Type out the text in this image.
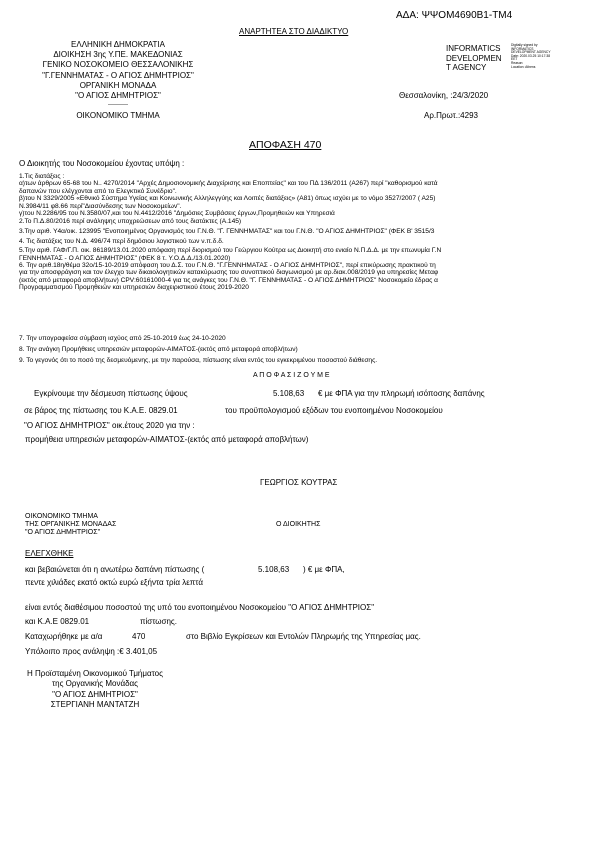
ΑΔΑ: ΨΨΟΜ4690Β1-ΤΜ4
ΑΝΑΡΤΗΤΕΑ ΣΤΟ ΔΙΑΔΙΚΤΥΟ
ΕΛΛΗΝΙΚΗ ΔΗΜΟΚΡΑΤΙΑ
ΔΙΟΙΚΗΣΗ 3ης Υ.ΠΕ. ΜΑΚΕΔΟΝΙΑΣ
ΓΕΝΙΚΟ ΝΟΣΟΚΟΜΕΙΟ ΘΕΣΣΑΛΟΝΙΚΗΣ
"Γ.ΓΕΝΝΗΜΑΤΑΣ - Ο ΑΓΙΟΣ ΔΗΜΗΤΡΙΟΣ"
ΟΡΓΑΝΙΚΗ ΜΟΝΑΔΑ
"Ο ΑΓΙΟΣ ΔΗΜΗΤΡΙΟΣ"
----------
ΟΙΚΟΝΟΜΙΚΟ ΤΜΗΜΑ
INFORMATICS
DEVELOPMEN
T AGENCY
Digitally signed by
INFORMATICS
DEVELOPMENT AGENCY
Date: 2020.03.25 10:17:38
EET
Reason:
Location: Athens
Θεσσαλονίκη, :24/3/2020
Αρ.Πρωτ.:4293
ΑΠΟΦΑΣΗ 470
Ο Διοικητής του Νοσοκομείου έχοντας υπόψη :
1.Τις διατάξεις :
α)των άρθρων 65-68 του Ν.. 4270/2014 "Αρχές Δημοσιονομικής Διαχείρισης και Εποπτείας" και του ΠΔ 136/2011 (Α267) περί "καθορισμού κατά
δαπανών που ελέγχονται από το Ελεγκτικό Συνέδριο".
β)του Ν 3329/2005 «Εθνικό Σύστημα Υγείας και Κοινωνικής Αλληλεγγύης και Λοιπές διατάξεις» (Α81) όπως ισχύει με το νόμο 3527/2007 ( Α25)
Ν.3984/11 φ8.66 περί"Διασύνδεσης των Νοσοκομείων".
γ)του Ν.2286/95 του Ν.3580/07,και του Ν.4412/2016 "Δημόσιες Συμβάσεις έργων,Προμηθειών και Υπηρεσιά
2.Το Π.Δ.80/2016 περί ανάληψης υποχρεώσεων από τους διατάκτες (Α.145)
3.Την αριθ. Υ4α/οικ. 123995 "Ενοποιημένος Οργανισμός του Γ.Ν.Θ. "Γ. ΓΕΝΝΗΜΑΤΑΣ" και του Γ.Ν.Θ. "Ο ΑΓΙΟΣ ΔΗΜΗΤΡΙΟΣ" (ΦΕΚ Β' 3515/3
4. Τις διατάξεις του Ν.Δ. 496/74 περί δημόσιου λογιστικού των ν.π.δ.δ.
5.Την αριθ. ΓΑΦ/Γ.Π. οικ. 86189/13.01.2020 απόφαση περί διορισμού του Γεώργιου Κούτρα ως Διοικητή στο ενιαίο Ν.Π.Δ.Δ. με την επωνυμία Γ.Ν
ΓΕΝΝΗΜΑΤΑΣ - Ο ΑΓΙΟΣ ΔΗΜΗΤΡΙΟΣ" (ΦΕΚ 8 τ. Υ.Ο.Δ.Δ./13.01.2020)
6. Την αριθ.18η/θέμα 32ο/15-10-2019 απόφαση του Δ.Σ. του Γ.Ν.Θ. "Γ.ΓΕΝΝΗΜΑΤΑΣ - Ο ΑΓΙΟΣ ΔΗΜΗΤΡΙΟΣ", περί επικύρωσης πρακτικού τη
για την αποσφράγιση και τον έλεγχο των δικαιολογητικών κατακύρωσης του συνοπτικού διαγωνισμού με αρ.διακ.008/2019 για υπηρεσίες Μεταφ
(εκτός από μεταφορά αποβλήτων) CPV:60161000-4 για τις ανάγκες του Γ.Ν.Θ. "Γ. ΓΕΝΝΗΜΑΤΑΣ - Ο ΑΓΙΟΣ ΔΗΜΗΤΡΙΟΣ" Νοσοκομείο έδρας α
Προγραμματισμού Προμηθειών και υπηρεσιών διαχειριστικού έτους 2019-2020
7. Την υπογραφείσα σύμβαση ισχύος από 25-10-2019 έως 24-10-2020
8. Την ανάγκη Προμήθειες υπηρεσιών μεταφορών-ΑΙΜΑΤΟΣ-(εκτός από μεταφορά αποβλήτων)
9. Το γεγονός ότι το ποσό της δεσμευόμενης, με την παρούσα, πίστωσης είναι εντός του εγκεκριμένου ποσοστού διάθεσης.
Α Π Ο Φ Α Σ Ι Ζ Ο Υ Μ Ε
Εγκρίνουμε την δέσμευση πίστωσης ύψους	5.108,63 € με ΦΠΑ για την πληρωμή ισόποσης δαπάνης
σε βάρος της πίστωσης του Κ.Α.Ε. 0829.01	του προϋπολογισμού εξόδων του ενοποιημένου Νοσοκομείου
"Ο ΑΓΙΟΣ ΔΗΜΗΤΡΙΟΣ" οικ.έτους 2020 για την :
προμήθεια υπηρεσιών μεταφορών-ΑΙΜΑΤΟΣ-(εκτός από μεταφορά αποβλήτων)
ΓΕΩΡΓΙΟΣ ΚΟΥΤΡΑΣ
ΟΙΚΟΝΟΜΙΚΟ ΤΜΗΜΑ
ΤΗΣ ΟΡΓΑΝΙΚΗΣ ΜΟΝΑΔΑΣ
"Ο ΑΓΙΟΣ ΔΗΜΗΤΡΙΟΣ"
Ο ΔΙΟΙΚΗΤΗΣ
ΕΛΕΓΧΘΗΚΕ
και βεβαιώνεται ότι η ανωτέρω δαπάνη πίστωσης (	5.108,63 ) € με ΦΠΑ,
πεντε χιλιάδες εκατό οκτώ ευρώ εξήντα τρία λεπτά
είναι εντός διαθέσιμου ποσοστού της υπό του ενοποιημένου Νοσοκομείου "Ο ΑΓΙΟΣ ΔΗΜΗΤΡΙΟΣ"
και Κ.Α.Ε 0829.01	πίστωσης.
Καταχωρήθηκε με α/α	470	στο Βιβλίο Εγκρίσεων και Εντολών Πληρωμής της Υπηρεσίας μας.
Υπόλοιπο προς ανάληψη :€ 3.401,05
Η Προϊσταμένη Οικονομικού Τμήματος
της Οργανικής Μονάδας
"Ο ΑΓΙΟΣ ΔΗΜΗΤΡΙΟΣ"
ΣΤΕΡΓΙΑΝΗ ΜΑΝΤΑΤΖΗ
